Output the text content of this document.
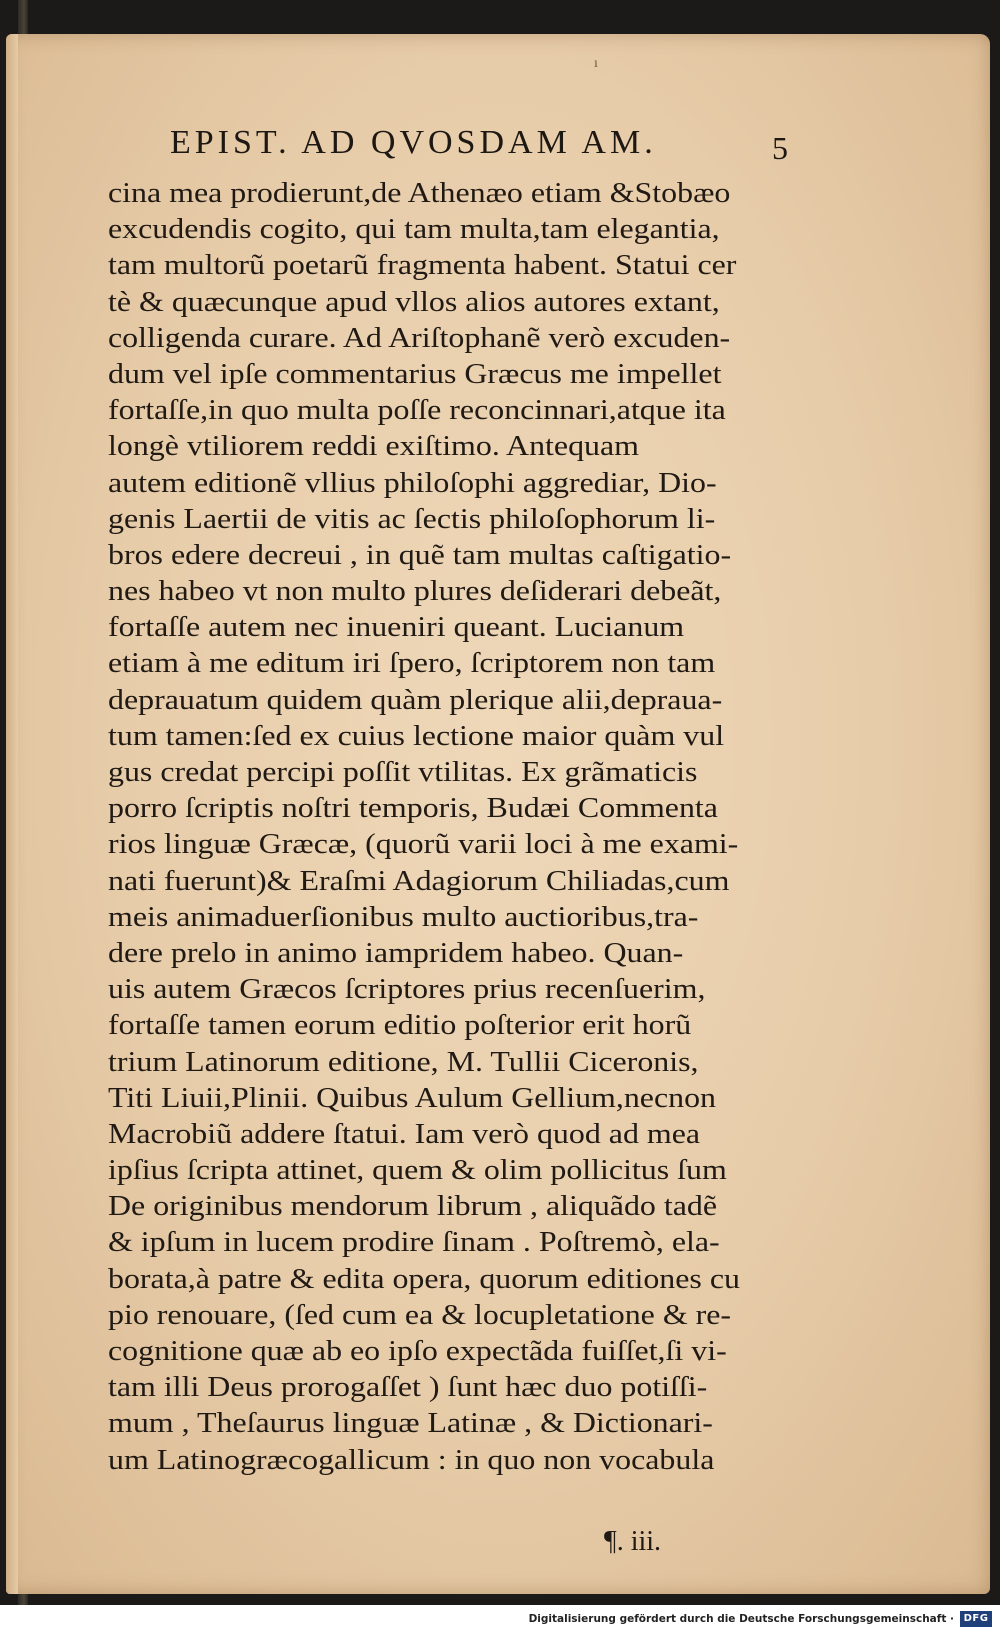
ı
EPIST. AD QVOSDAM AM.	5
cina mea prodierunt,de Athenæo etiam &Stobæo
excudendis cogito, qui tam multa,tam elegantia,
tam multorũ poetarũ fragmenta habent. Statui cer
tè & quæcunque apud vllos alios autores extant,
colligenda curare. Ad Ariſtophanẽ verò excuden-
dum vel ipſe commentarius Græcus me impellet
fortaſſe,in quo multa poſſe reconcinnari,atque ita
longè vtiliorem reddi exiſtimo. Antequam
autem editionẽ vllius philoſophi aggrediar, Dio-
genis Laertii de vitis ac ſectis philoſophorum li-
bros edere decreui , in quẽ tam multas caſtigatio-
nes habeo vt non multo plures deſiderari debeãt,
fortaſſe autem nec inueniri queant. Lucianum
etiam à me editum iri ſpero, ſcriptorem non tam
deprauatum quidem quàm plerique alii,deprauа-
tum tamen:ſed ex cuius lectione maior quàm vul
gus credat percipi poſſit vtilitas. Ex grãmaticis
porro ſcriptis noſtri temporis, Budæi Commenta
rios linguæ Græcæ, (quorũ varii loci à me exami-
nati fuerunt)& Eraſmi Adagiorum Chiliadas,cum
meis animaduerſionibus multo auctioribus,tra-
dere prelo in animo iampridem habeo. Quan-
uis autem Græcos ſcriptores prius recenſuerim,
fortaſſe tamen eorum editio poſterior erit horũ
trium Latinorum editione, M. Tullii Ciceronis,
Titi Liuii,Plinii. Quibus Aulum Gellium,necnon
Macrobiũ addere ſtatui. Iam verò quod ad mea
ipſius ſcripta attinet, quem & olim pollicitus ſum
De originibus mendorum librum , aliquãdo tadẽ
& ipſum in lucem prodire ſinam . Poſtremò, ela-
borata,à patre & edita opera, quorum editiones cu
pio renouare, (ſed cum ea & locupletatione & re-
cognitione quæ ab eo ipſo expectãda fuiſſet,ſi vi-
tam illi Deus prorogaſſet ) ſunt hæc duo potiſſi-
mum , Theſaurus linguæ Latinæ , & Dictionari-
um Latinogræcogallicum : in quo non vocabula
¶. iii.
Digitalisierung gefördert durch die Deutsche Forschungsgemeinschaft · DFG
